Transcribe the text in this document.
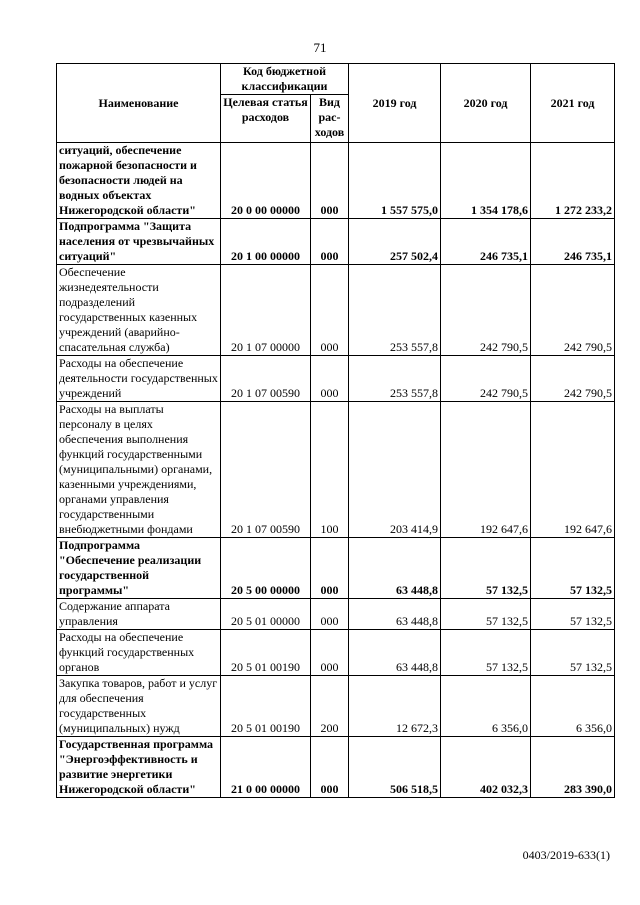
71
Наименование	Код бюджетной классификации		2019 год	2020 год	2021 год
	Целевая статья расходов	Вид рас-ходов			
ситуаций, обеспечение пожарной безопасности и безопасности людей на водных объектах Нижегородской области"	20 0 00 00000	000	1 557 575,0	1 354 178,6	1 272 233,2
Подпрограмма "Защита населения от чрезвычайных ситуаций"	20 1 00 00000	000	257 502,4	246 735,1	246 735,1
Обеспечение жизнедеятельности подразделений государственных казенных учреждений (аварийно-спасательная служба)	20 1 07 00000	000	253 557,8	242 790,5	242 790,5
Расходы на обеспечение деятельности государственных учреждений	20 1 07 00590	000	253 557,8	242 790,5	242 790,5
Расходы на выплаты персоналу в целях обеспечения выполнения функций государственными (муниципальными) органами, казенными учреждениями, органами управления государственными внебюджетными фондами	20 1 07 00590	100	203 414,9	192 647,6	192 647,6
Подпрограмма "Обеспечение реализации государственной программы"	20 5 00 00000	000	63 448,8	57 132,5	57 132,5
Содержание аппарата управления	20 5 01 00000	000	63 448,8	57 132,5	57 132,5
Расходы на обеспечение функций государственных органов	20 5 01 00190	000	63 448,8	57 132,5	57 132,5
Закупка товаров, работ и услуг для обеспечения государственных (муниципальных) нужд	20 5 01 00190	200	12 672,3	6 356,0	6 356,0
Государственная программа "Энергоэффективность и развитие энергетики Нижегородской области"	21 0 00 00000	000	506 518,5	402 032,3	283 390,0
0403/2019-633(1)
